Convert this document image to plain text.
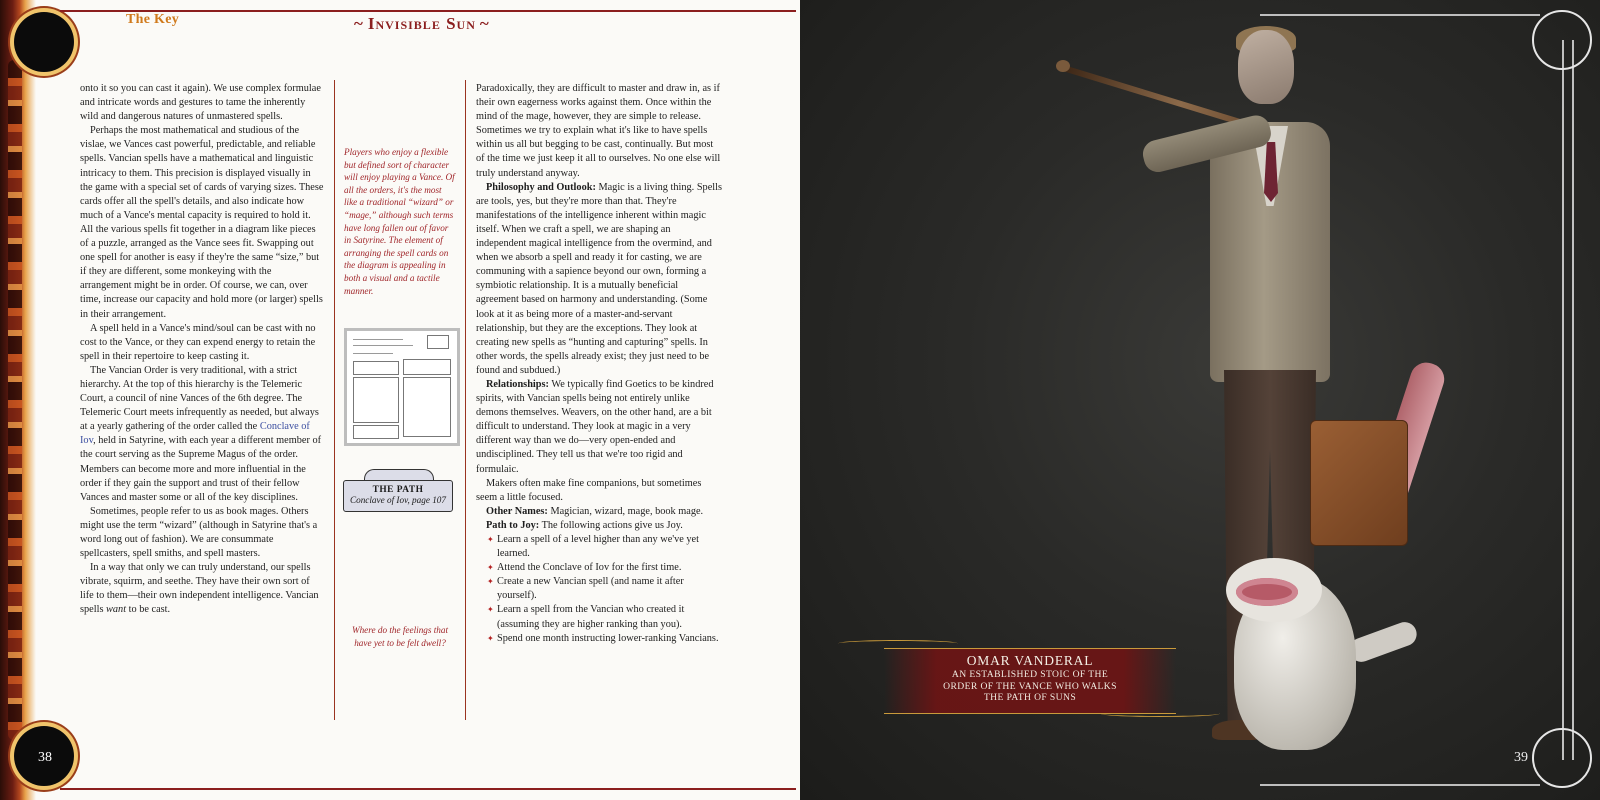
The Key
~	Invisible Sun ~
38

onto it so you can cast it again). We use complex formulae and intricate words and gestures to tame the inherently wild and dangerous natures of unmastered spells.

Perhaps the most mathematical and studious of the vislae, we Vances cast powerful, predictable, and reliable spells. Vancian spells have a mathematical and linguistic intricacy to them. This precision is displayed visually in the game with a special set of cards of varying sizes. These cards offer all the spell's details, and also indicate how much of a Vance's mental capacity is required to hold it. All the various spells fit together in a diagram like pieces of a puzzle, arranged as the Vance sees fit. Swapping out one spell for another is easy if they're the same “size,” but if they are different, some monkeying with the arrangement might be in order. Of course, we can, over time, increase our capacity and hold more (or larger) spells in their arrangement.

A spell held in a Vance's mind/soul can be cast with no cost to the Vance, or they can expend energy to retain the spell in their repertoire to keep casting it.

The Vancian Order is very traditional, with a strict hierarchy. At the top of this hierarchy is the Telemeric Court, a council of nine Vances of the 6th degree. The Telemeric Court meets infrequently as needed, but always at a yearly gathering of the order called the Conclave of Iov, held in Satyrine, with each year a different member of the court serving as the Supreme Magus of the order. Members can become more and more influential in the order if they gain the support and trust of their fellow Vances and master some or all of the key disciplines.

Sometimes, people refer to us as book mages. Others might use the term “wizard” (although in Satyrine that's a word long out of fashion). We are consummate spellcasters, spell smiths, and spell masters.

In a way that only we can truly understand, our spells vibrate, squirm, and seethe. They have their own sort of life to them—their own independent intelligence. Vancian spells want to be cast.

Players who enjoy a flexible but defined sort of character will enjoy playing a Vance. Of all the orders, it's the most like a traditional “wizard” or “mage,” although such terms have long fallen out of favor in Satyrine. The element of arranging the spell cards on the diagram is appealing in both a visual and a tactile manner.

THE PATH
Conclave of Iov, page 107

Where do the feelings that have yet to be felt dwell?

Paradoxically, they are difficult to master and draw in, as if their own eagerness works against them. Once within the mind of the mage, however, they are simple to release. Sometimes we try to explain what it's like to have spells within us all but begging to be cast, continually. But most of the time we just keep it all to ourselves. No one else will truly understand anyway.

Philosophy and Outlook: Magic is a living thing. Spells are tools, yes, but they're more than that. They're manifestations of the intelligence inherent within magic itself. When we craft a spell, we are shaping an independent magical intelligence from the overmind, and when we absorb a spell and ready it for casting, we are communing with a sapience beyond our own, forming a symbiotic relationship. It is a mutually beneficial agreement based on harmony and understanding. (Some look at it as being more of a master-and-servant relationship, but they are the exceptions. They look at creating new spells as “hunting and capturing” spells. In other words, the spells already exist; they just need to be found and subdued.)

Relationships: We typically find Goetics to be kindred spirits, with Vancian spells being not entirely unlike demons themselves. Weavers, on the other hand, are a bit difficult to understand. They look at magic in a very different way than we do—very open-ended and undisciplined. They tell us that we're too rigid and formulaic.

Makers often make fine companions, but sometimes seem a little focused.

Other Names: Magician, wizard, mage, book mage.

Path to Joy: The following actions give us Joy.

✦ Learn a spell of a level higher than any we've yet learned.
✦ Attend the Conclave of Iov for the first time.
✦ Create a new Vancian spell (and name it after yourself).
✦ Learn a spell from the Vancian who created it (assuming they are higher ranking than you).
✦ Spend one month instructing lower-ranking Vancians.
OMAR VANDERAL
AN ESTABLISHED STOIC OF THE
ORDER OF THE VANCE WHO WALKS
THE PATH OF SUNS
39
